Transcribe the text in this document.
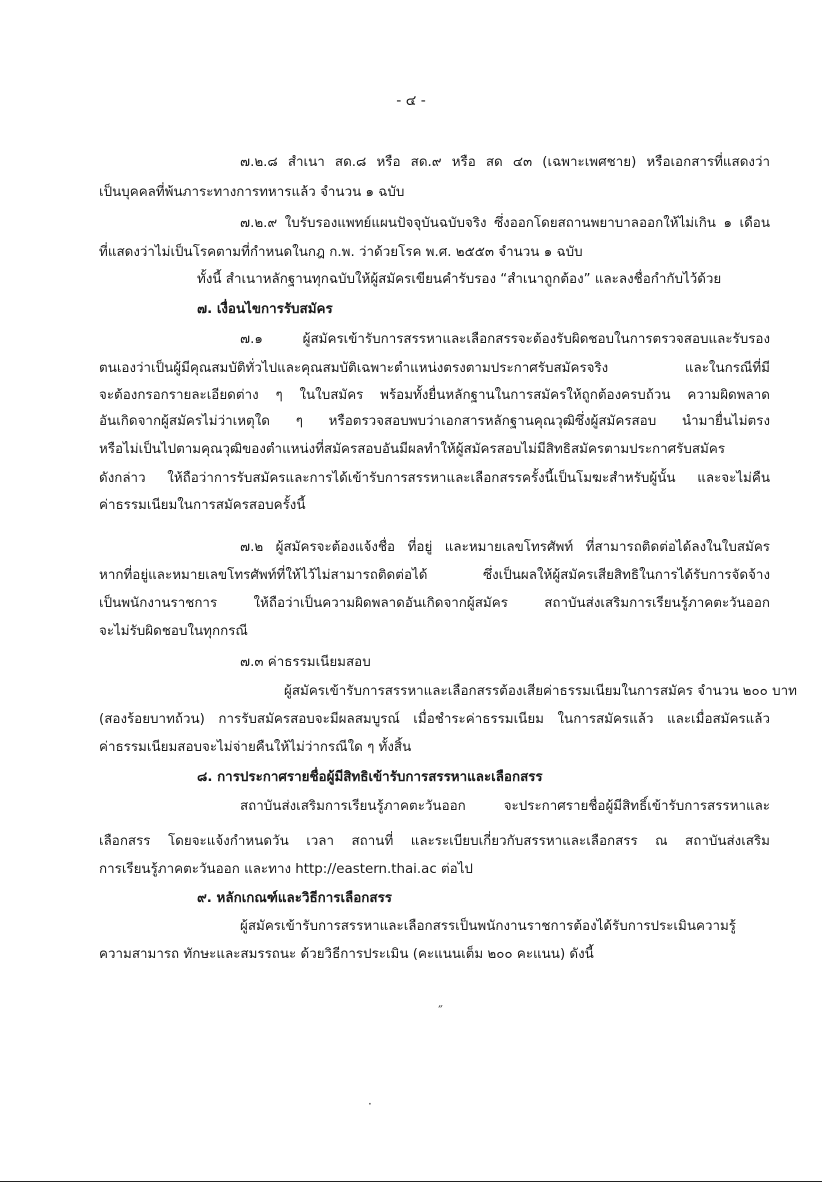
- ๔ -
๗.๒.๘ สำเนา สด.๘ หรือ สด.๙ หรือ สด ๔๓ (เฉพาะเพศชาย) หรือเอกสารที่แสดงว่า
เป็นบุคคลที่พ้นภาระทางการทหารแล้ว จำนวน ๑ ฉบับ
๗.๒.๙ ใบรับรองแพทย์แผนปัจจุบันฉบับจริง ซึ่งออกโดยสถานพยาบาลออกให้ไม่เกิน ๑ เดือน
ที่แสดงว่าไม่เป็นโรคตามที่กำหนดในกฎ ก.พ. ว่าด้วยโรค พ.ศ. ๒๕๕๓ จำนวน ๑ ฉบับ
ทั้งนี้ สำเนาหลักฐานทุกฉบับให้ผู้สมัครเขียนคำรับรอง “สำเนาถูกต้อง” และลงชื่อกำกับไว้ด้วย
๗. เงื่อนไขการรับสมัคร
๗.๑ ผู้สมัครเข้ารับการสรรหาและเลือกสรรจะต้องรับผิดชอบในการตรวจสอบและรับรอง
ตนเองว่าเป็นผู้มีคุณสมบัติทั่วไปและคุณสมบัติเฉพาะตำแหน่งตรงตามประกาศรับสมัครจริง และในกรณีที่มี
จะต้องกรอกรายละเอียดต่าง ๆ ในใบสมัคร พร้อมทั้งยื่นหลักฐานในการสมัครให้ถูกต้องครบถ้วน ความผิดพลาด
อันเกิดจากผู้สมัครไม่ว่าเหตุใด ๆ หรือตรวจสอบพบว่าเอกสารหลักฐานคุณวุฒิซึ่งผู้สมัครสอบ นำมายื่นไม่ตรง
หรือไม่เป็นไปตามคุณวุฒิของตำแหน่งที่สมัครสอบอันมีผลทำให้ผู้สมัครสอบไม่มีสิทธิสมัครตามประกาศรับสมัคร
ดังกล่าว ให้ถือว่าการรับสมัครและการได้เข้ารับการสรรหาและเลือกสรรครั้งนี้เป็นโมฆะสำหรับผู้นั้น และจะไม่คืน
ค่าธรรมเนียมในการสมัครสอบครั้งนี้
๗.๒ ผู้สมัครจะต้องแจ้งชื่อ ที่อยู่ และหมายเลขโทรศัพท์ ที่สามารถติดต่อได้ลงในใบสมัคร
หากที่อยู่และหมายเลขโทรศัพท์ที่ให้ไว้ไม่สามารถติดต่อได้ ซึ่งเป็นผลให้ผู้สมัครเสียสิทธิในการได้รับการจัดจ้าง
เป็นพนักงานราชการ ให้ถือว่าเป็นความผิดพลาดอันเกิดจากผู้สมัคร สถาบันส่งเสริมการเรียนรู้ภาคตะวันออก
จะไม่รับผิดชอบในทุกกรณี
๗.๓ ค่าธรรมเนียมสอบ
ผู้สมัครเข้ารับการสรรหาและเลือกสรรต้องเสียค่าธรรมเนียมในการสมัคร จำนวน ๒๐๐ บาท
(สองร้อยบาทถ้วน) การรับสมัครสอบจะมีผลสมบูรณ์ เมื่อชำระค่าธรรมเนียม ในการสมัครแล้ว และเมื่อสมัครแล้ว
ค่าธรรมเนียมสอบจะไม่จ่ายคืนให้ไม่ว่ากรณีใด ๆ ทั้งสิ้น
๘. การประกาศรายชื่อผู้มีสิทธิเข้ารับการสรรหาและเลือกสรร
สถาบันส่งเสริมการเรียนรู้ภาคตะวันออก จะประกาศรายชื่อผู้มีสิทธิ์เข้ารับการสรรหาและ
เลือกสรร โดยจะแจ้งกำหนดวัน เวลา สถานที่ และระเบียบเกี่ยวกับสรรหาและเลือกสรร ณ สถาบันส่งเสริม
การเรียนรู้ภาคตะวันออก และทาง http://eastern.thai.ac ต่อไป
๙. หลักเกณฑ์และวิธีการเลือกสรร
ผู้สมัครเข้ารับการสรรหาและเลือกสรรเป็นพนักงานราชการต้องได้รับการประเมินความรู้
ความสามารถ ทักษะและสมรรถนะ ด้วยวิธีการประเมิน (คะแนนเต็ม ๒๐๐ คะแนน) ดังนี้
˝
·
